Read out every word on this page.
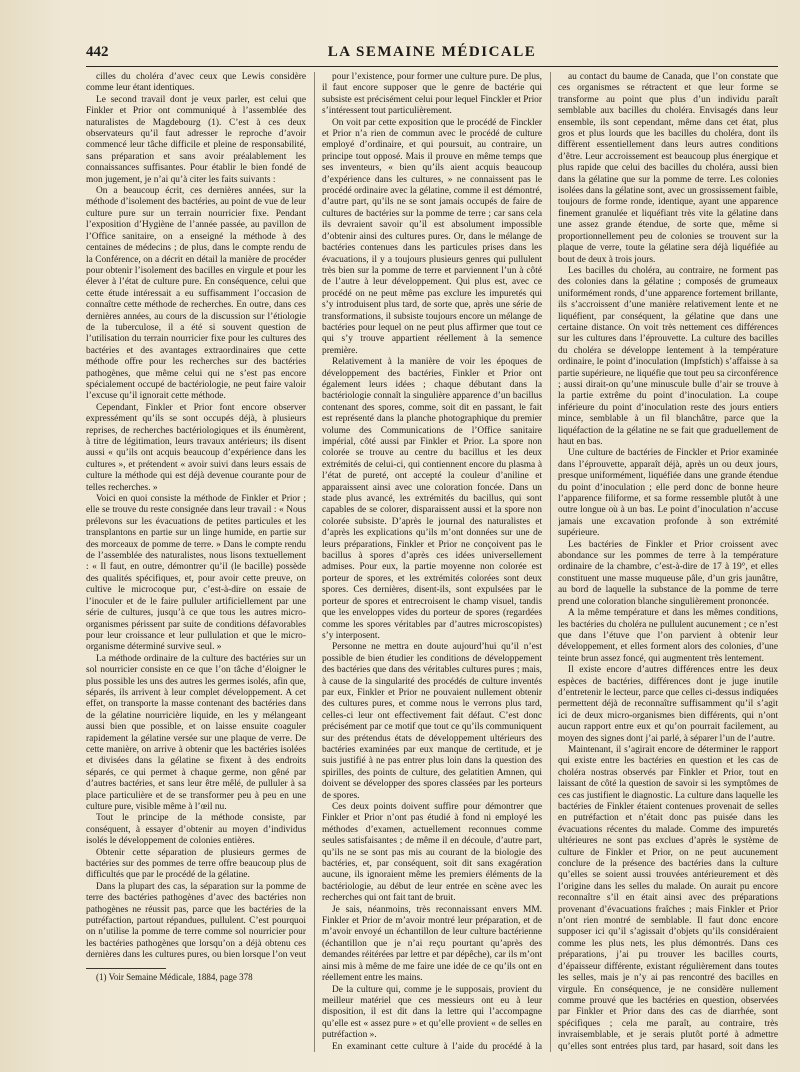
442	LA SEMAINE MÉDICALE

cilles du choléra d’avec ceux que Lewis considère comme leur étant identiques.

Le second travail dont je veux parler, est celui que Finkler et Prior ont communiqué à l’assemblée des naturalistes de Magdebourg (1). C’est à ces deux observateurs qu’il faut adresser le reproche d’avoir commencé leur tâche difficile et pleine de responsabilité, sans préparation et sans avoir préalablement les connaissances suffisantes. Pour établir le bien fondé de mon jugement, je n’ai qu’à citer les faits suivants :

On a beaucoup écrit, ces dernières années, sur la méthode d’isolement des bactéries, au point de vue de leur culture pure sur un terrain nourricier fixe. Pendant l’exposition d’Hygiène de l’année passée, au pavillon de l’Office sanitaire, on a enseigné la méthode à des centaines de médecins ; de plus, dans le compte rendu de la Conférence, on a décrit en détail la manière de procéder pour obtenir l’isolement des bacilles en virgule et pour les élever à l’état de culture pure. En conséquence, celui que cette étude intéressait a eu suffisamment l’occasion de connaître cette méthode de recherches. En outre, dans ces dernières années, au cours de la discussion sur l’étiologie de la tuberculose, il a été si souvent question de l’utilisation du terrain nourricier fixe pour les cultures des bactéries et des avantages extraordinaires que cette méthode offre pour les recherches sur des bactéries pathogènes, que même celui qui ne s’est pas encore spécialement occupé de bactériologie, ne peut faire valoir l’excuse qu’il ignorait cette méthode.

Cependant, Finkler et Prior font encore observer expressément qu’ils se sont occupés déjà, à plusieurs reprises, de recherches bactériologiques et ils énumèrent, à titre de légitimation, leurs travaux antérieurs; ils disent aussi « qu’ils ont acquis beaucoup d’expérience dans les cultures », et prétendent « avoir suivi dans leurs essais de culture la méthode qui est déjà devenue courante pour de telles recherches. »

Voici en quoi consiste la méthode de Finkler et Prior ; elle se trouve du reste consignée dans leur travail : « Nous prélevons sur les évacuations de petites particules et les transplantons en partie sur un linge humide, en partie sur des morceaux de pomme de terre. » Dans le compte rendu de l’assemblée des naturalistes, nous lisons textuellement : « Il faut, en outre, démontrer qu’il (le bacille) possède des qualités spécifiques, et, pour avoir cette preuve, on cultive le microcoque pur, c’est-à-dire on essaie de l’inoculer et de le faire pulluler artificiellement par une série de cultures, jusqu’à ce que tous les autres micro-organismes périssent par suite de conditions défavorables pour leur croissance et leur pullulation et que le micro-organisme déterminé survive seul. »

La méthode ordinaire de la culture des bactéries sur un sol nourricier consiste en ce que l’on tâche d’éloigner le plus possible les uns des autres les germes isolés, afin que, séparés, ils arrivent à leur complet développement. A cet effet, on transporte la masse contenant des bactéries dans de la gélatine nourricière liquide, en les y mélangeant aussi bien que possible, et on laisse ensuite coaguler rapidement la gélatine versée sur une plaque de verre. De cette manière, on arrive à obtenir que les bactéries isolées et divisées dans la gélatine se fixent à des endroits séparés, ce qui permet à chaque germe, non gêné par d’autres bactéries, et sans leur être mêlé, de pulluler à sa place particulière et de se transformer peu à peu en une culture pure, visible même à l’œil nu.

Tout le principe de la méthode consiste, par conséquent, à essayer d’obtenir au moyen d’individus isolés le développement de colonies entières.

Obtenir cette séparation de plusieurs germes de bactéries sur des pommes de terre offre beaucoup plus de difficultés que par le procédé de la gélatine.

Dans la plupart des cas, la séparation sur la pomme de terre des bactéries pathogènes d’avec des bactéries non pathogènes ne réussit pas, parce que les bactéries de la putréfaction, partout répandues, pullulent. C’est pourquoi on n’utilise la pomme de terre comme sol nourricier pour les bactéries pathogènes que lorsqu’on a déjà obtenu ces dernières dans les cultures pures, ou bien lorsque l’on veut

(1) Voir Semaine Médicale, 1884, page 378

pour l’existence, pour former une culture pure. De plus, il faut encore supposer que le genre de bactérie qui subsiste est précisément celui pour lequel Finckler et Prior s’intéressent tout particulièrement.

On voit par cette exposition que le procédé de Finckler et Prior n’a rien de commun avec le procédé de culture employé d’ordinaire, et qui poursuit, au contraire, un principe tout opposé. Mais il prouve en même temps que ses inventeurs, « bien qu’ils aient acquis beaucoup d’expérience dans les cultures, » ne connaissent pas le procédé ordinaire avec la gélatine, comme il est démontré, d’autre part, qu’ils ne se sont jamais occupés de faire de cultures de bactéries sur la pomme de terre ; car sans cela ils devraient savoir qu’il est absolument impossible d’obtenir ainsi des cultures pures. Or, dans le mélange de bactéries contenues dans les particules prises dans les évacuations, il y a toujours plusieurs genres qui pullulent très bien sur la pomme de terre et parviennent l’un à côté de l’autre à leur développement. Qui plus est, avec ce procédé on ne peut même pas exclure les impuretés qui s’y introduisent plus tard, de sorte que, après une série de transformations, il subsiste toujours encore un mélange de bactéries pour lequel on ne peut plus affirmer que tout ce qui s’y trouve appartient réellement à la semence première.

Relativement à la manière de voir les époques de développement des bactéries, Finkler et Prior ont également leurs idées ; chaque débutant dans la bactériologie connaît la singulière apparence d’un bacillus contenant des spores, comme, soit dit en passant, le fait est représenté dans la planche photographique du premier volume des Communications de l’Office sanitaire impérial, côté aussi par Finkler et Prior. La spore non colorée se trouve au centre du bacillus et les deux extrémités de celui-ci, qui contiennent encore du plasma à l’état de pureté, ont accepté la couleur d’aniline et apparaissent ainsi avec une coloration foncée. Dans un stade plus avancé, les extrémités du bacillus, qui sont capables de se colorer, disparaissent aussi et la spore non colorée subsiste. D’après le journal des naturalistes et d’après les explications qu’ils m’ont données sur une de leurs préparations, Finkler et Prior ne conçoivent pas le bacillus à spores d’après ces idées universellement admises. Pour eux, la partie moyenne non colorée est porteur de spores, et les extrémités colorées sont deux spores. Ces dernières, disent-ils, sont expulsées par le porteur de spores et entrecroisent le champ visuel, tandis que les enveloppes vides du porteur de spores (regardées comme les spores véritables par d’autres microscopistes) s’y interposent.

Personne ne mettra en doute aujourd’hui qu’il n’est possible de bien étudier les conditions de développement des bactéries que dans des véritables cultures pures ; mais, à cause de la singularité des procédés de culture inventés par eux, Finkler et Prior ne pouvaient nullement obtenir des cultures pures, et comme nous le verrons plus tard, celles-ci leur ont effectivement fait défaut. C’est donc précisément par ce motif que tout ce qu’ils communiquent sur des prétendus états de développement ultérieurs des bactéries examinées par eux manque de certitude, et je suis justifié à ne pas entrer plus loin dans la question des spirilles, des points de culture, des gelatitien Amnen, qui doivent se développer des spores classées par les porteurs de spores.

Ces deux points doivent suffire pour démontrer que Finkler et Prior n’ont pas étudié à fond ni employé les méthodes d’examen, actuellement reconnues comme seules satisfaisantes ; de même il en découle, d’autre part, qu’ils ne se sont pas mis au courant de la biologie des bactéries, et, par conséquent, soit dit sans exagération aucune, ils ignoraient même les premiers éléments de la bactériologie, au début de leur entrée en scène avec les recherches qui ont fait tant de bruit.

Je sais, néanmoins, très reconnaissant envers MM. Finkler et Prior de m’avoir montré leur préparation, et de m’avoir envoyé un échantillon de leur culture bactérienne (échantillon que je n’ai reçu pourtant qu’après des demandes réitérées par lettre et par dépêche), car ils m’ont ainsi mis à même de me faire une idée de ce qu’ils ont en réellement entre les mains.

De la culture qui, comme je le supposais, provient du meilleur matériel que ces messieurs ont eu à leur disposition, il est dit dans la lettre qui l’accompagne qu’elle est « assez pure » et qu’elle provient « de selles en putréfaction ».

En examinant cette culture à l’aide du procédé à la

au contact du baume de Canada, que l’on constate que ces organismes se rétractent et que leur forme se transforme au point que plus d’un individu paraît semblable aux bacilles du choléra. Envisagés dans leur ensemble, ils sont cependant, même dans cet état, plus gros et plus lourds que les bacilles du choléra, dont ils diffèrent essentiellement dans leurs autres conditions d’être. Leur accroissement est beaucoup plus énergique et plus rapide que celui des bacilles du choléra, aussi bien dans la gélatine que sur la pomme de terre. Les colonies isolées dans la gélatine sont, avec un grossissement faible, toujours de forme ronde, identique, ayant une apparence finement granulée et liquéfiant très vite la gélatine dans une assez grande étendue, de sorte que, même si proportionnellement peu de colonies se trouvent sur la plaque de verre, toute la gélatine sera déjà liquéfiée au bout de deux à trois jours.

Les bacilles du choléra, au contraire, ne forment pas des colonies dans la gélatine ; composés de grumeaux uniformément ronds, d’une apparence fortement brillante, ils s’accroissent d’une manière relativement lente et ne liquéfient, par conséquent, la gélatine que dans une certaine distance. On voit très nettement ces différences sur les cultures dans l’éprouvette. La culture des bacilles du choléra se développe lentement à la température ordinaire, le point d’inoculation (Impfstich) s’affaisse à sa partie supérieure, ne liquéfie que tout peu sa circonférence ; aussi dirait-on qu’une minuscule bulle d’air se trouve à la partie extrême du point d’inoculation. La coupe inférieure du point d’inoculation reste des jours entiers mince, semblable à un fil blanchâtre, parce que la liquéfaction de la gélatine ne se fait que graduellement de haut en bas.

Une culture de bactéries de Finckler et Prior examinée dans l’éprouvette, apparaît déjà, après un ou deux jours, presque uniformément, liquéfiée dans une grande étendue du point d’inoculation ; elle perd donc de bonne heure l’apparence filiforme, et sa forme ressemble plutôt à une outre longue où à un bas. Le point d’inoculation n’accuse jamais une excavation profonde à son extrémité supérieure.

Les bactéries de Finkler et Prior croissent avec abondance sur les pommes de terre à la température ordinaire de la chambre, c’est-à-dire de 17 à 19°, et elles constituent une masse muqueuse pâle, d’un gris jaunâtre, au bord de laquelle la substance de la pomme de terre prend une coloration blanche singulièrement prononcée.

A la même température et dans les mêmes conditions, les bactéries du choléra ne pullulent aucunement ; ce n’est que dans l’étuve que l’on parvient à obtenir leur développement, et elles forment alors des colonies, d’une teinte brun assez foncé, qui augmentent très lentement.

Il existe encore d’autres différences entre les deux espèces de bactéries, différences dont je juge inutile d’entretenir le lecteur, parce que celles ci-dessus indiquées permettent déjà de reconnaître suffisamment qu’il s’agit ici de deux micro-organismes bien différents, qui n’ont aucun rapport entre eux et qu’on pourrait facilement, au moyen des signes dont j’ai parlé, à séparer l’un de l’autre.

Maintenant, il s’agirait encore de déterminer le rapport qui existe entre les bactéries en question et les cas de choléra nostras observés par Finkler et Prior, tout en laissant de côté la question de savoir si les symptômes de ces cas justifient le diagnostic. La culture dans laquelle les bactéries de Finkler étaient contenues provenait de selles en putréfaction et n’était donc pas puisée dans les évacuations récentes du malade. Comme des impuretés ultérieures ne sont pas exclues d’après le système de culture de Finkler et Prior, on ne peut aucunement conclure de la présence des bactéries dans la culture qu’elles se soient aussi trouvées antérieurement et dès l’origine dans les selles du malade. On aurait pu encore reconnaître s’il en était ainsi avec des préparations provenant d’évacuations fraîches ; mais Finkler et Prior n’ont rien montré de semblable. Il faut donc encore supposer ici qu’il s’agissait d’objets qu’ils considéraient comme les plus nets, les plus démontrés. Dans ces préparations, j’ai pu trouver les bacilles courts, d’épaisseur différente, existant régulièrement dans toutes les selles, mais je n’y ai pas rencontré des bacilles en virgule. En conséquence, je ne considère nullement comme prouvé que les bactéries en question, observées par Finkler et Prior dans des cas de diarrhée, sont spécifiques ; cela me paraît, au contraire, très invraisemblable, et je serais plutôt porté à admettre qu’elles sont entrées plus tard, par hasard, soit dans les
